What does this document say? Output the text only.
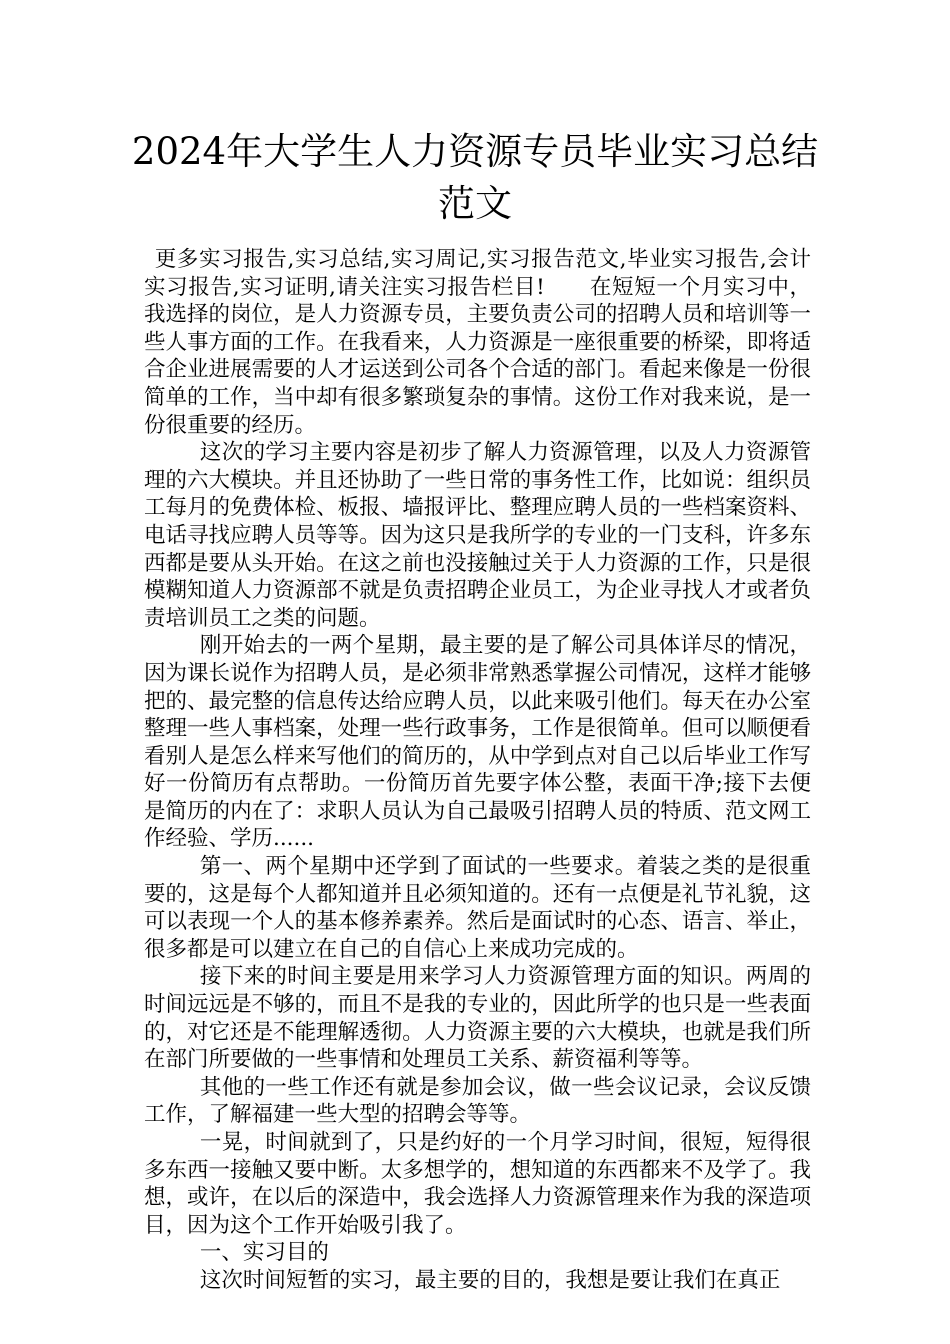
2024年大学生人力资源专员毕业实习总结
范文

更多实习报告,实习总结,实习周记,实习报告范文,毕业实习报告,会计实习报告,实习证明,请关注实习报告栏目!　　在短短一个月实习中，我选择的岗位，是人力资源专员，主要负责公司的招聘人员和培训等一些人事方面的工作。在我看来，人力资源是一座很重要的桥梁，即将适合企业进展需要的人才运送到公司各个合适的部门。看起来像是一份很简单的工作，当中却有很多繁琐复杂的事情。这份工作对我来说，是一份很重要的经历。

这次的学习主要内容是初步了解人力资源管理，以及人力资源管理的六大模块。并且还协助了一些日常的事务性工作，比如说：组织员工每月的免费体检、板报、墙报评比、整理应聘人员的一些档案资料、电话寻找应聘人员等等。因为这只是我所学的专业的一门支科，许多东西都是要从头开始。在这之前也没接触过关于人力资源的工作，只是很模糊知道人力资源部不就是负责招聘企业员工，为企业寻找人才或者负责培训员工之类的问题。

刚开始去的一两个星期，最主要的是了解公司具体详尽的情况，因为课长说作为招聘人员，是必须非常熟悉掌握公司情况，这样才能够把的、最完整的信息传达给应聘人员，以此来吸引他们。每天在办公室整理一些人事档案，处理一些行政事务，工作是很简单。但可以顺便看看别人是怎么样来写他们的简历的，从中学到点对自己以后毕业工作写好一份简历有点帮助。一份简历首先要字体公整，表面干净;接下去便是简历的内在了：求职人员认为自己最吸引招聘人员的特质、范文网工作经验、学历......

第一、两个星期中还学到了面试的一些要求。着装之类的是很重要的，这是每个人都知道并且必须知道的。还有一点便是礼节礼貌，这可以表现一个人的基本修养素养。然后是面试时的心态、语言、举止，很多都是可以建立在自己的自信心上来成功完成的。

接下来的时间主要是用来学习人力资源管理方面的知识。两周的时间远远是不够的，而且不是我的专业的，因此所学的也只是一些表面的，对它还是不能理解透彻。人力资源主要的六大模块，也就是我们所在部门所要做的一些事情和处理员工关系、薪资福利等等。

其他的一些工作还有就是参加会议，做一些会议记录，会议反馈工作，了解福建一些大型的招聘会等等。

一晃，时间就到了，只是约好的一个月学习时间，很短，短得很多东西一接触又要中断。太多想学的，想知道的东西都来不及学了。我想，或许，在以后的深造中，我会选择人力资源管理来作为我的深造项目，因为这个工作开始吸引我了。

一、实习目的

这次时间短暂的实习，最主要的目的，我想是要让我们在真正
